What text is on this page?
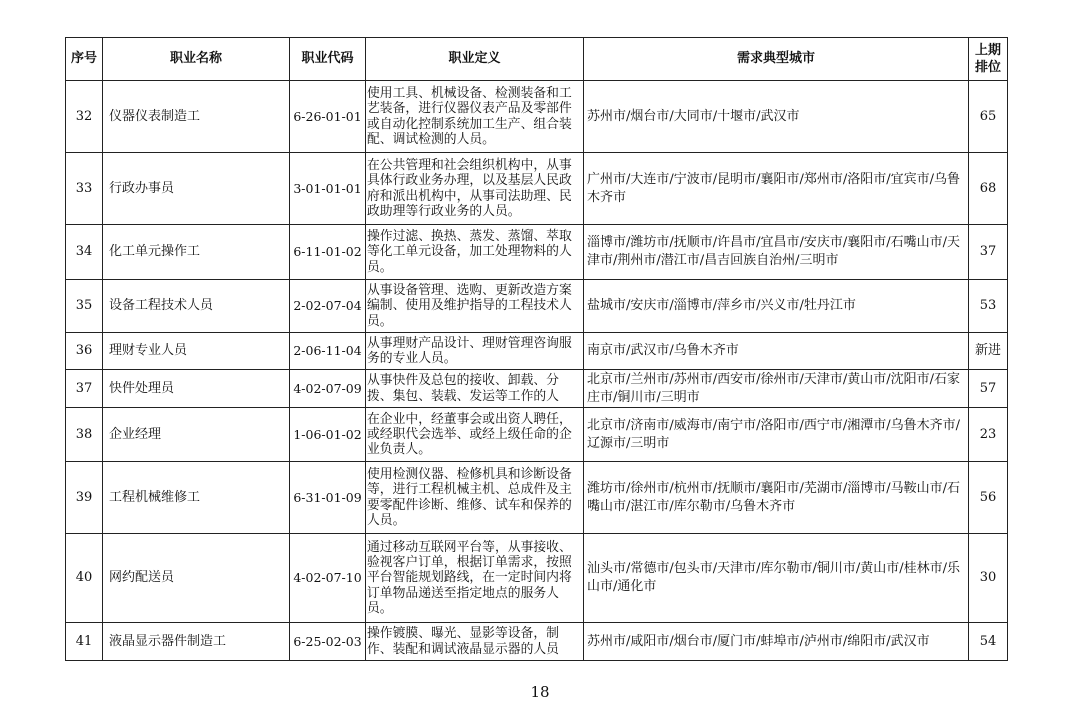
序号	职业名称	职业代码	职业定义	需求典型城市	上期
排位

32	仪器仪表制造工	6-26-01-01	使用工具、机械设备、检测装备和工艺装备，进行仪器仪表产品及零部件或自动化控制系统加工生产、组合装配、调试检测的人员。	苏州市/烟台市/大同市/十堰市/武汉市	65
33	行政办事员	3-01-01-01	在公共管理和社会组织机构中，从事具体行政业务办理，以及基层人民政府和派出机构中，从事司法助理、民政助理等行政业务的人员。	广州市/大连市/宁波市/昆明市/襄阳市/郑州市/洛阳市/宜宾市/乌鲁木齐市	68
34	化工单元操作工	6-11-01-02	操作过滤、换热、蒸发、蒸馏、萃取等化工单元设备，加工处理物料的人员。	淄博市/潍坊市/抚顺市/许昌市/宜昌市/安庆市/襄阳市/石嘴山市/天津市/荆州市/潜江市/昌吉回族自治州/三明市	37
35	设备工程技术人员	2-02-07-04	从事设备管理、选购、更新改造方案编制、使用及维护指导的工程技术人员。	盐城市/安庆市/淄博市/萍乡市/兴义市/牡丹江市	53
36	理财专业人员	2-06-11-04	从事理财产品设计、理财管理咨询服务的专业人员。	南京市/武汉市/乌鲁木齐市	新进
37	快件处理员	4-02-07-09	从事快件及总包的接收、卸载、分拨、集包、装载、发运等工作的人	北京市/兰州市/苏州市/西安市/徐州市/天津市/黄山市/沈阳市/石家庄市/铜川市/三明市	57
38	企业经理	1-06-01-02	在企业中，经董事会或出资人聘任，或经职代会选举、或经上级任命的企业负责人。	北京市/济南市/威海市/南宁市/洛阳市/西宁市/湘潭市/乌鲁木齐市/辽源市/三明市	23
39	工程机械维修工	6-31-01-09	使用检测仪器、检修机具和诊断设备等，进行工程机械主机、总成件及主要零配件诊断、维修、试车和保养的人员。	潍坊市/徐州市/杭州市/抚顺市/襄阳市/芜湖市/淄博市/马鞍山市/石嘴山市/湛江市/库尔勒市/乌鲁木齐市	56
40	网约配送员	4-02-07-10	通过移动互联网平台等，从事接收、验视客户订单，根据订单需求，按照平台智能规划路线，在一定时间内将订单物品递送至指定地点的服务人员。	汕头市/常德市/包头市/天津市/库尔勒市/铜川市/黄山市/桂林市/乐山市/通化市	30
41	液晶显示器件制造工	6-25-02-03	操作镀膜、曝光、显影等设备，制作、装配和调试液晶显示器的人员	苏州市/咸阳市/烟台市/厦门市/蚌埠市/泸州市/绵阳市/武汉市	54
18
